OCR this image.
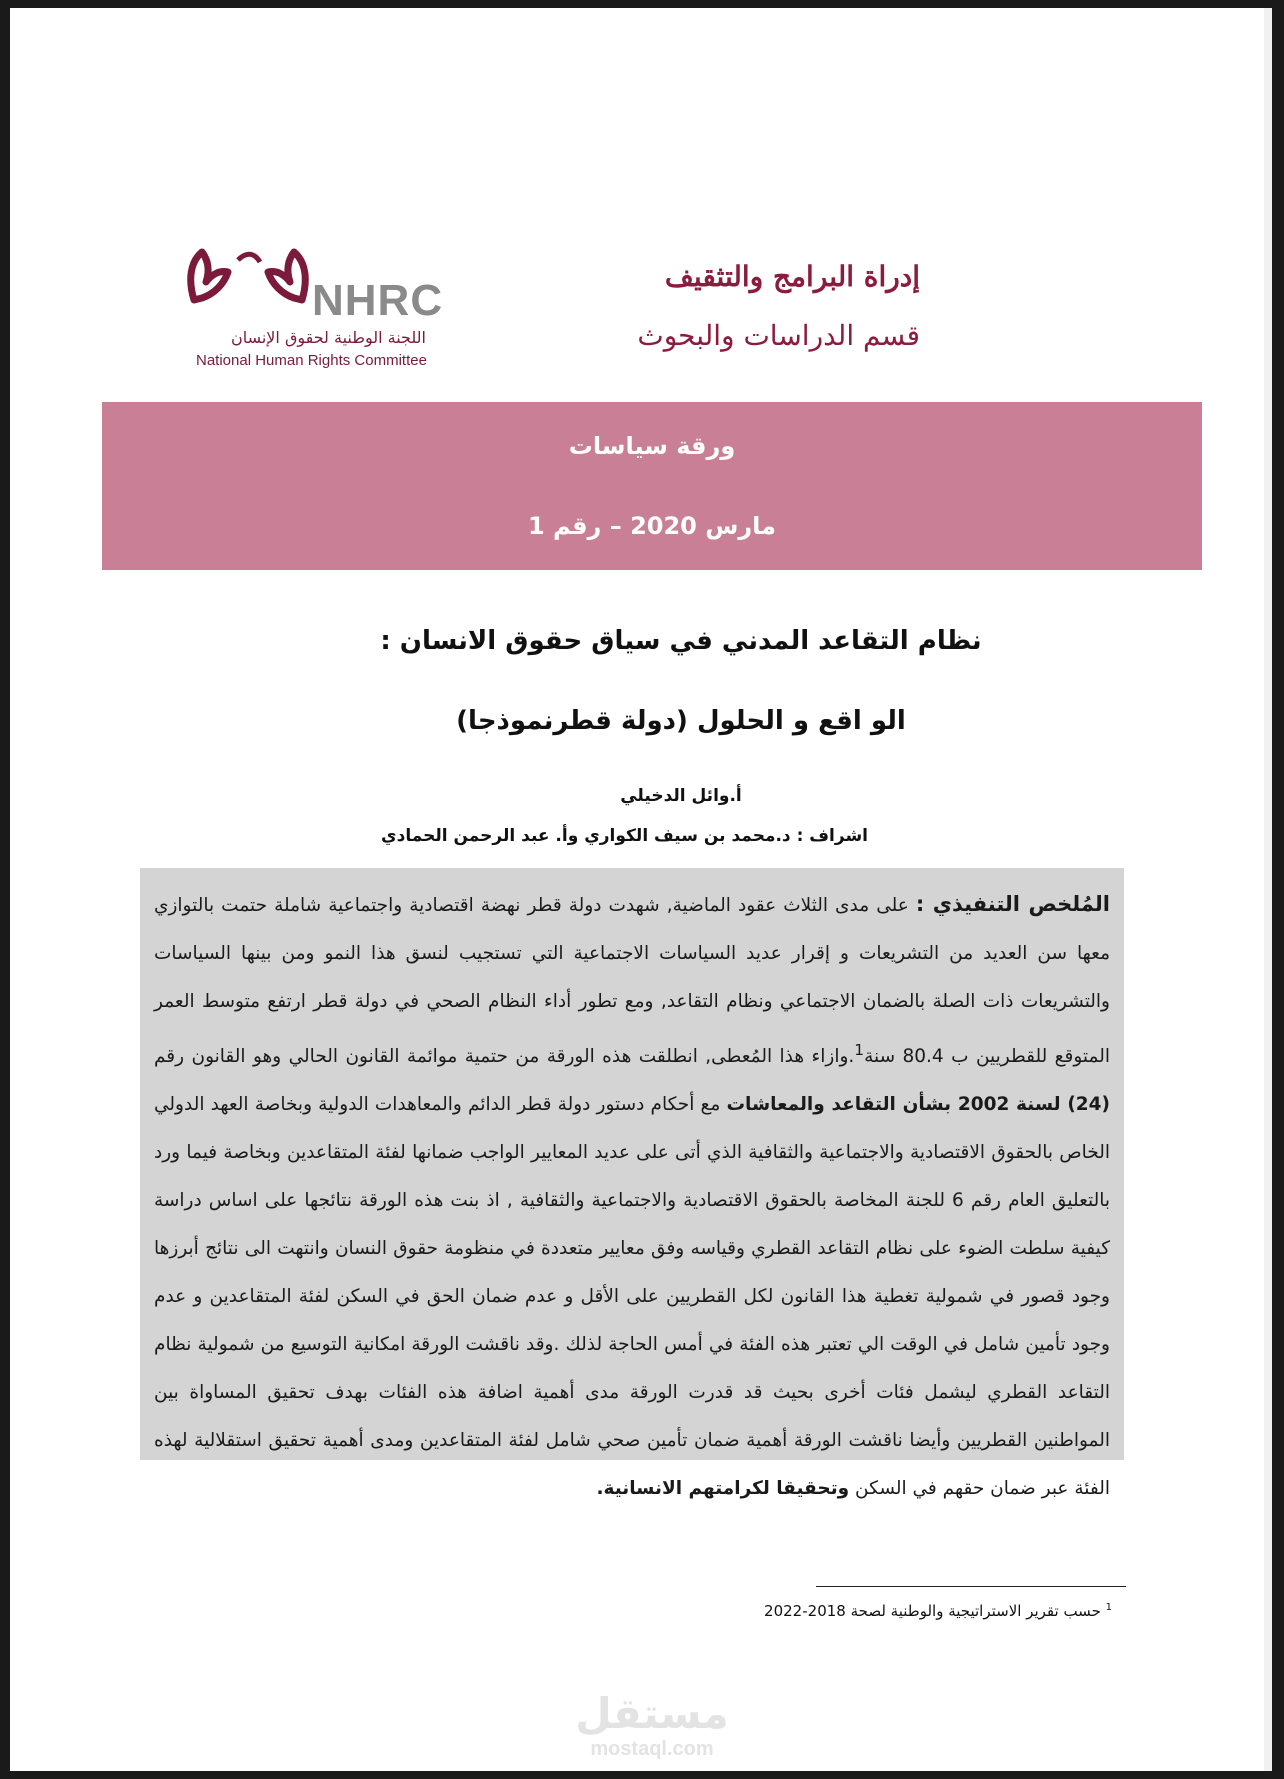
NHRC
اللجنة الوطنية لحقوق الإنسان
National Human Rights Committee
إدراة البرامج والتثقيف
قسم الدراسات والبحوث
ورقة سياسات
مارس 2020 – رقم 1
نظام التقاعد المدني في سياق حقوق الانسان :
الو اقع و الحلول (دولة قطرنموذجا)
أ.وائل الدخيلي
اشراف : د.محمد بن سيف الكواري وأ. عبد الرحمن الحمادي

المُلخص التنفيذي : على مدى الثلاث عقود الماضية, شهدت دولة قطر نهضة اقتصادية واجتماعية شاملة حتمت بالتوازي معها سن العديد من التشريعات و إقرار عديد السياسات الاجتماعية التي تستجيب لنسق هذا النمو ومن بينها السياسات والتشريعات ذات الصلة بالضمان الاجتماعي ونظام التقاعد, ومع تطور أداء النظام الصحي في دولة قطر ارتفع متوسط العمر المتوقع للقطريين ب 80.4 سنة$^1$.وازاء هذا المُعطى, انطلقت هذه الورقة من حتمية موائمة القانون الحالي وهو القانون رقم (24) لسنة 2002 بشأن التقاعد والمعاشات مع أحكام دستور دولة قطر الدائم والمعاهدات الدولية وبخاصة العهد الدولي الخاص بالحقوق الاقتصادية والاجتماعية والثقافية الذي أتى على عديد المعايير الواجب ضمانها لفئة المتقاعدين وبخاصة فيما ورد بالتعليق العام رقم 6 للجنة المخاصة بالحقوق الاقتصادية والاجتماعية والثقافية , اذ بنت هذه الورقة نتائجها على اساس دراسة كيفية سلطت الضوء على نظام التقاعد القطري وقياسه وفق معايير متعددة في منظومة حقوق النسان وانتهت الى نتائج أبرزها وجود قصور في شمولية تغطية هذا القانون لكل القطريين على الأقل و عدم ضمان الحق في السكن لفئة المتقاعدين و عدم وجود تأمين شامل في الوقت الي تعتبر هذه الفئة في أمس الحاجة لذلك .وقد ناقشت الورقة امكانية التوسيع من شمولية نظام التقاعد القطري ليشمل فئات أخرى بحيث قد قدرت الورقة مدى أهمية اضافة هذه الفئات بهدف تحقيق المساواة بين المواطنين القطريين وأيضا ناقشت الورقة أهمية ضمان تأمين صحي شامل لفئة المتقاعدين ومدى أهمية تحقيق استقلالية لهذه الفئة عبر ضمان حقهم في السكن وتحقيقا لكرامتهم الانسانية.

$^1$ حسب تقرير الاستراتيجية والوطنية لصحة 2018-2022
مستقل
mostaql.com
